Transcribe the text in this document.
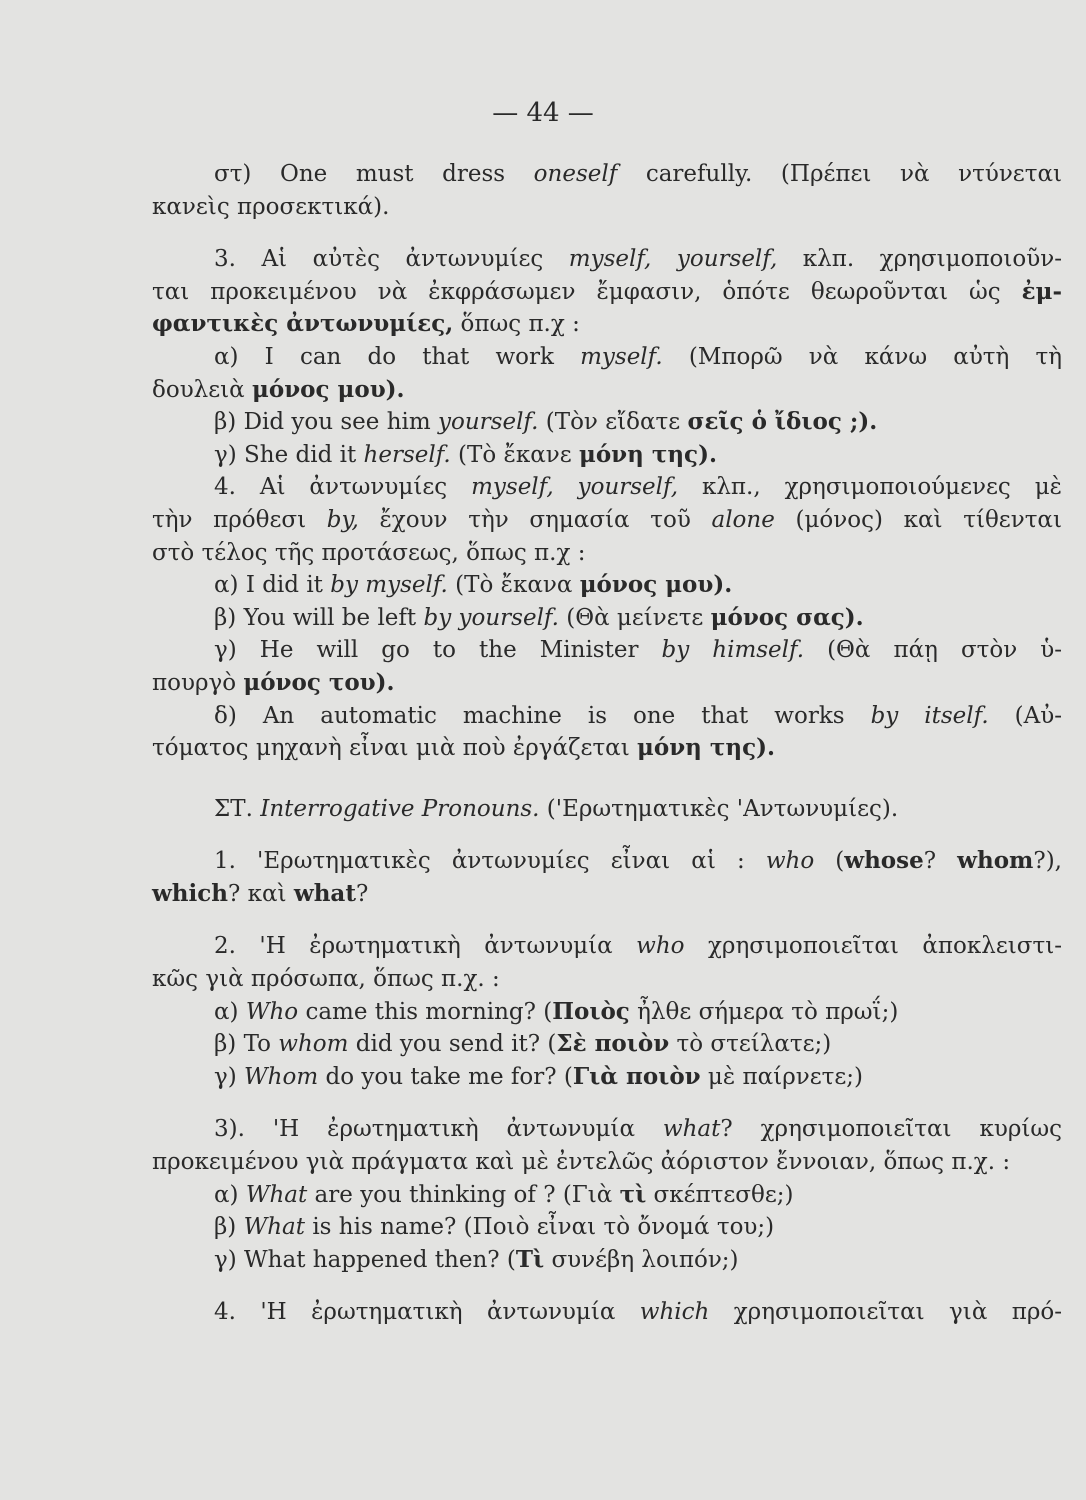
— 44 —

στ) One must dress oneself carefully. (Πρέπει νὰ ντύνεται

κανεὶς προσεκτικά).

3. Αἱ αὐτὲς ἀντωνυμίες myself, yourself, κλπ. χρησιμοποιοῦν-

ται προκειμένου νὰ ἐκφράσωμεν ἔμφασιν, ὁπότε θεωροῦνται ὡς ἐμ-

φαντικὲς ἀντωνυμίες, ὅπως π.χ :

α) I can do that work myself. (Μπορῶ νὰ κάνω αὐτὴ τὴ

δουλειὰ μόνος μου).

β) Did you see him yourself. (Τὸν εἴδατε σεῖς ὁ ἴδιος ;).

γ) She did it herself. (Τὸ ἔκανε μόνη της).

4. Αἱ ἀντωνυμίες myself, yourself, κλπ., χρησιμοποιούμενες μὲ

τὴν πρόθεσι by, ἔχουν τὴν σημασία τοῦ alone (μόνος) καὶ τίθενται

στὸ τέλος τῆς προτάσεως, ὅπως π.χ :

α) I did it by myself. (Τὸ ἔκανα μόνος μου).

β) You will be left by yourself. (Θὰ μείνετε μόνος σας).

γ) He will go to the Minister by himself. (Θὰ πάῃ στὸν ὑ-

πουργὸ μόνος του).

δ) An automatic machine is one that works by itself. (Αὐ-

τόματος μηχανὴ εἶναι μιὰ ποὺ ἐργάζεται μόνη της).

ΣΤ. Interrogative Pronouns. ('Ερωτηματικὲς 'Αντωνυμίες).

1. 'Ερωτηματικὲς ἀντωνυμίες εἶναι αἱ : who (whose? whom?),

which? καὶ what?

2. 'Η ἐρωτηματικὴ ἀντωνυμία who χρησιμοποιεῖται ἀποκλειστι-

κῶς γιὰ πρόσωπα, ὅπως π.χ. :

α) Who came this morning? (Ποιὸς ἦλθε σήμερα τὸ πρωΐ;)

β) To whom did you send it? (Σὲ ποιὸν τὸ στείλατε;)

γ) Whom do you take me for? (Γιὰ ποιὸν μὲ παίρνετε;)

3). 'Η ἐρωτηματικὴ ἀντωνυμία what? χρησιμοποιεῖται κυρίως

προκειμένου γιὰ πράγματα καὶ μὲ ἐντελῶς ἀόριστον ἔννοιαν, ὅπως π.χ. :

α) What are you thinking of ? (Γιὰ τὶ σκέπτεσθε;)

β) What is his name? (Ποιὸ εἶναι τὸ ὄνομά του;)

γ) What happened then? (Τὶ συνέβη λοιπόν;)

4. 'Η ἐρωτηματικὴ ἀντωνυμία which χρησιμοποιεῖται γιὰ πρό-
